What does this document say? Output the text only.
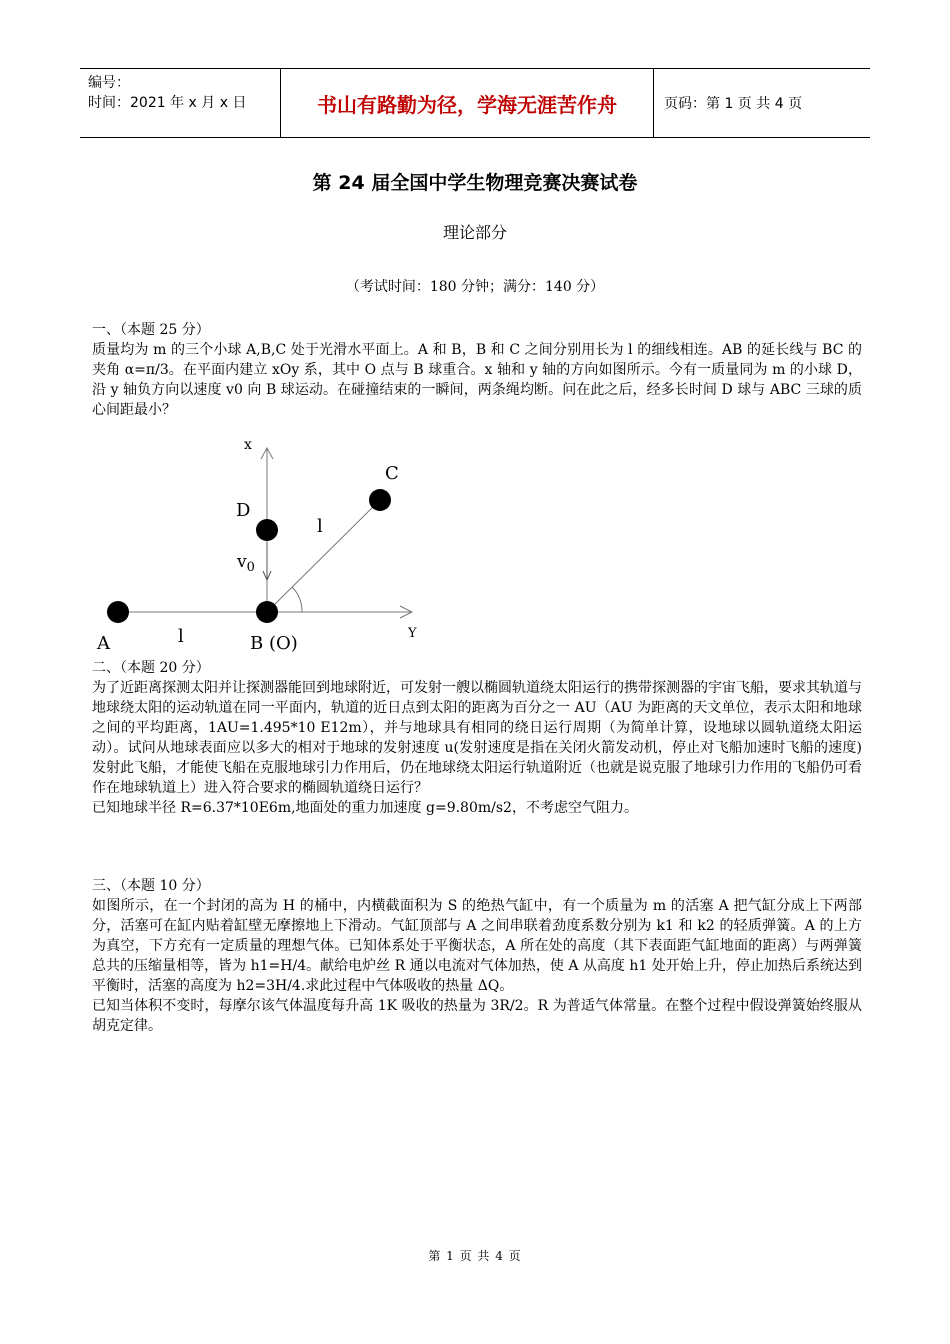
编号：
时间：2021 年 x 月 x 日	书山有路勤为径，学海无涯苦作舟	页码：第 1 页 共 4 页
第 24 届全国中学生物理竞赛决赛试卷
理论部分
（考试时间：180 分钟；满分：140 分）

一、（本题 25 分）

质量均为 m 的三个小球 A,B,C 处于光滑水平面上。A 和 B，B 和 C 之间分别用长为 l 的细线相连。AB 的延长线与 BC 的夹角 α=π/3。在平面内建立 xOy 系，其中 O 点与 B 球重合。x 轴和 y 轴的方向如图所示。今有一质量同为 m 的小球 D，沿 y 轴负方向以速度 v0 向 B 球运动。在碰撞结束的一瞬间，两条绳均断。问在此之后，经多长时间 D 球与 ABC 三球的质心间距最小？

x
Y
C
D
l
$v_0$
A	l	B (O)

二、（本题 20 分）

为了近距离探测太阳并让探测器能回到地球附近，可发射一艘以椭圆轨道绕太阳运行的携带探测器的宇宙飞船，要求其轨道与地球绕太阳的运动轨道在同一平面内，轨道的近日点到太阳的距离为百分之一 AU（AU 为距离的天文单位，表示太阳和地球之间的平均距离，1AU=1.495*10 E12m），并与地球具有相同的绕日运行周期（为简单计算，设地球以圆轨道绕太阳运动）。试问从地球表面应以多大的相对于地球的发射速度 u(发射速度是指在关闭火箭发动机，停止对飞船加速时飞船的速度)发射此飞船，才能使飞船在克服地球引力作用后，仍在地球绕太阳运行轨道附近（也就是说克服了地球引力作用的飞船仍可看作在地球轨道上）进入符合要求的椭圆轨道绕日运行？

已知地球半径 R=6.37*10E6m,地面处的重力加速度 g=9.80m/s2，不考虑空气阻力。

三、（本题 10 分）

如图所示，在一个封闭的高为 H 的桶中，内横截面积为 S 的绝热气缸中，有一个质量为 m 的活塞 A 把气缸分成上下两部分，活塞可在缸内贴着缸壁无摩擦地上下滑动。气缸顶部与 A 之间串联着劲度系数分别为 k1 和 k2 的轻质弹簧。A 的上方为真空，下方充有一定质量的理想气体。已知体系处于平衡状态，A 所在处的高度（其下表面距气缸地面的距离）与两弹簧总共的压缩量相等，皆为 h1=H/4。献给电炉丝 R 通以电流对气体加热，使 A 从高度 h1 处开始上升，停止加热后系统达到平衡时，活塞的高度为 h2=3H/4.求此过程中气体吸收的热量 ΔQ。

已知当体积不变时，每摩尔该气体温度每升高 1K 吸收的热量为 3R/2。R 为普适气体常量。在整个过程中假设弹簧始终服从胡克定律。

第 1 页 共 4 页
